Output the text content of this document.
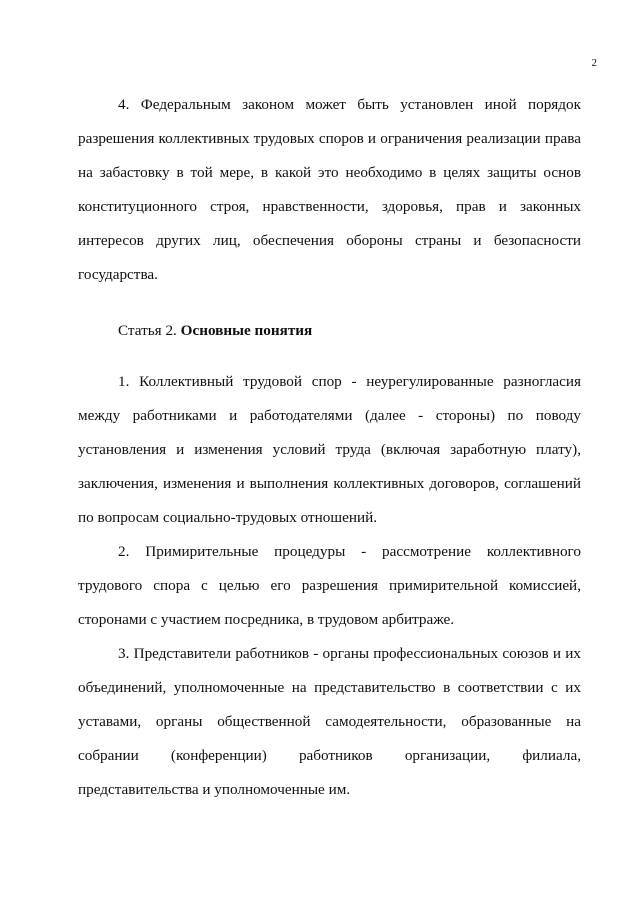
2

4. Федеральным законом может быть установлен иной порядок разрешения коллективных трудовых споров и ограничения реализации права на забастовку в той мере, в какой это необходимо в целях защиты основ конституционного строя, нравственности, здоровья, прав и законных интересов других лиц, обеспечения обороны страны и безопасности государства.

Статья 2. Основные понятия

1. Коллективный трудовой спор - неурегулированные разногласия между работниками и работодателями (далее - стороны) по поводу установления и изменения условий труда (включая заработную плату), заключения, изменения и выполнения коллективных договоров, соглашений по вопросам социально-трудовых отношений.

2. Примирительные процедуры - рассмотрение коллективного трудового спора с целью его разрешения примирительной комиссией, сторонами с участием посредника, в трудовом арбитраже.

3. Представители работников - органы профессиональных союзов и их объединений, уполномоченные на представительство в соответствии с их уставами, органы общественной самодеятельности, образованные на собрании (конференции) работников организации, филиала, представительства и уполномоченные им.
